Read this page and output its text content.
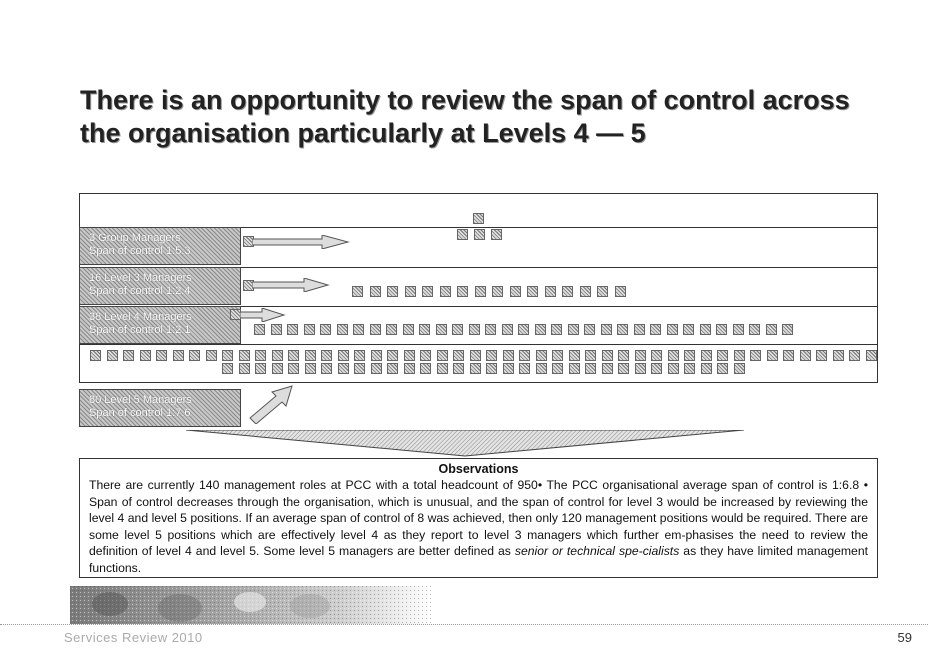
There is an opportunity to review the span of control across
the organisation particularly at Levels 4 — 5
3 Group Managers
Span of control 1:5.3
16 Level 3 Managers
Span of control 1:2.4
38 Level 4 Managers
Span of control 1:2.1
80 Level 5 Managers
Span of control 1:7.6
Observations

There are currently 140 management roles at PCC with a total headcount of 950• The PCC organisational average span of control is 1:6.8 • Span of control decreases through the organisation, which is unusual, and the span of control for level 3 would be increased by reviewing the level 4 and level 5 positions. If an average span of control of 8 was achieved, then only 120 management positions would be required. There are some level 5 positions which are effectively level 4 as they report to level 3 managers which further em-phasises the need to review the definition of level 4 and level 5. Some level 5 managers are better defined as senior or technical spe-cialists as they have limited management functions.

Services Review 2010	59
